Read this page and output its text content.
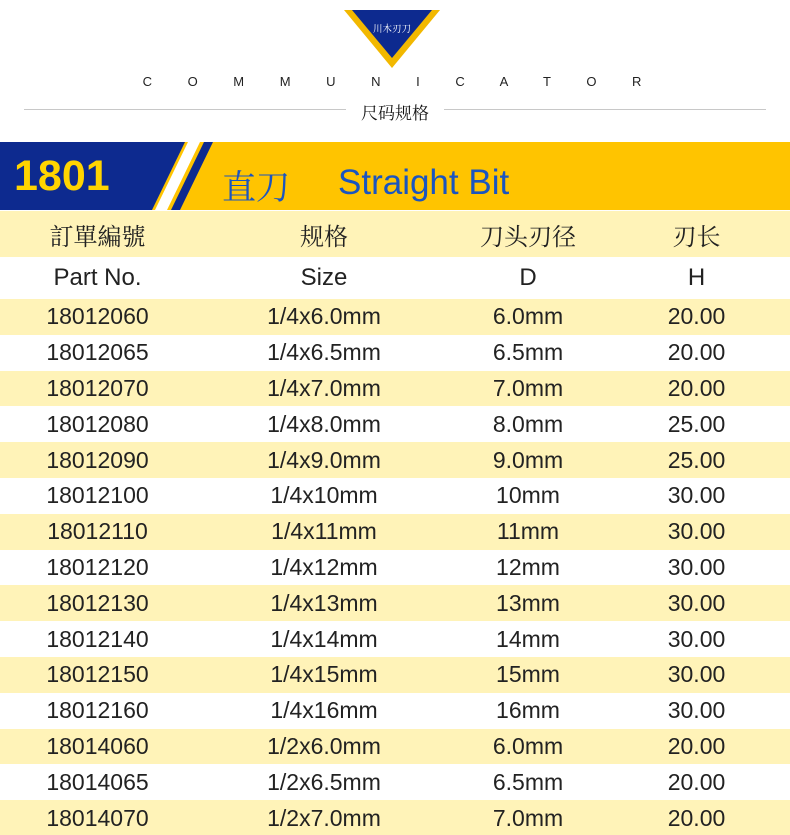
川木刃刀
C O M M U N I C A T O R
尺码规格
1801	直刀 Straight Bit
訂單編號	规格	刀头刃径	刃长
Part No.	Size	D	H
18012060	1/4x6.0mm	6.0mm	20.00
18012065	1/4x6.5mm	6.5mm	20.00
18012070	1/4x7.0mm	7.0mm	20.00
18012080	1/4x8.0mm	8.0mm	25.00
18012090	1/4x9.0mm	9.0mm	25.00
18012100	1/4x10mm	10mm	30.00
18012110	1/4x11mm	11mm	30.00
18012120	1/4x12mm	12mm	30.00
18012130	1/4x13mm	13mm	30.00
18012140	1/4x14mm	14mm	30.00
18012150	1/4x15mm	15mm	30.00
18012160	1/4x16mm	16mm	30.00
18014060	1/2x6.0mm	6.0mm	20.00
18014065	1/2x6.5mm	6.5mm	20.00
18014070	1/2x7.0mm	7.0mm	20.00
